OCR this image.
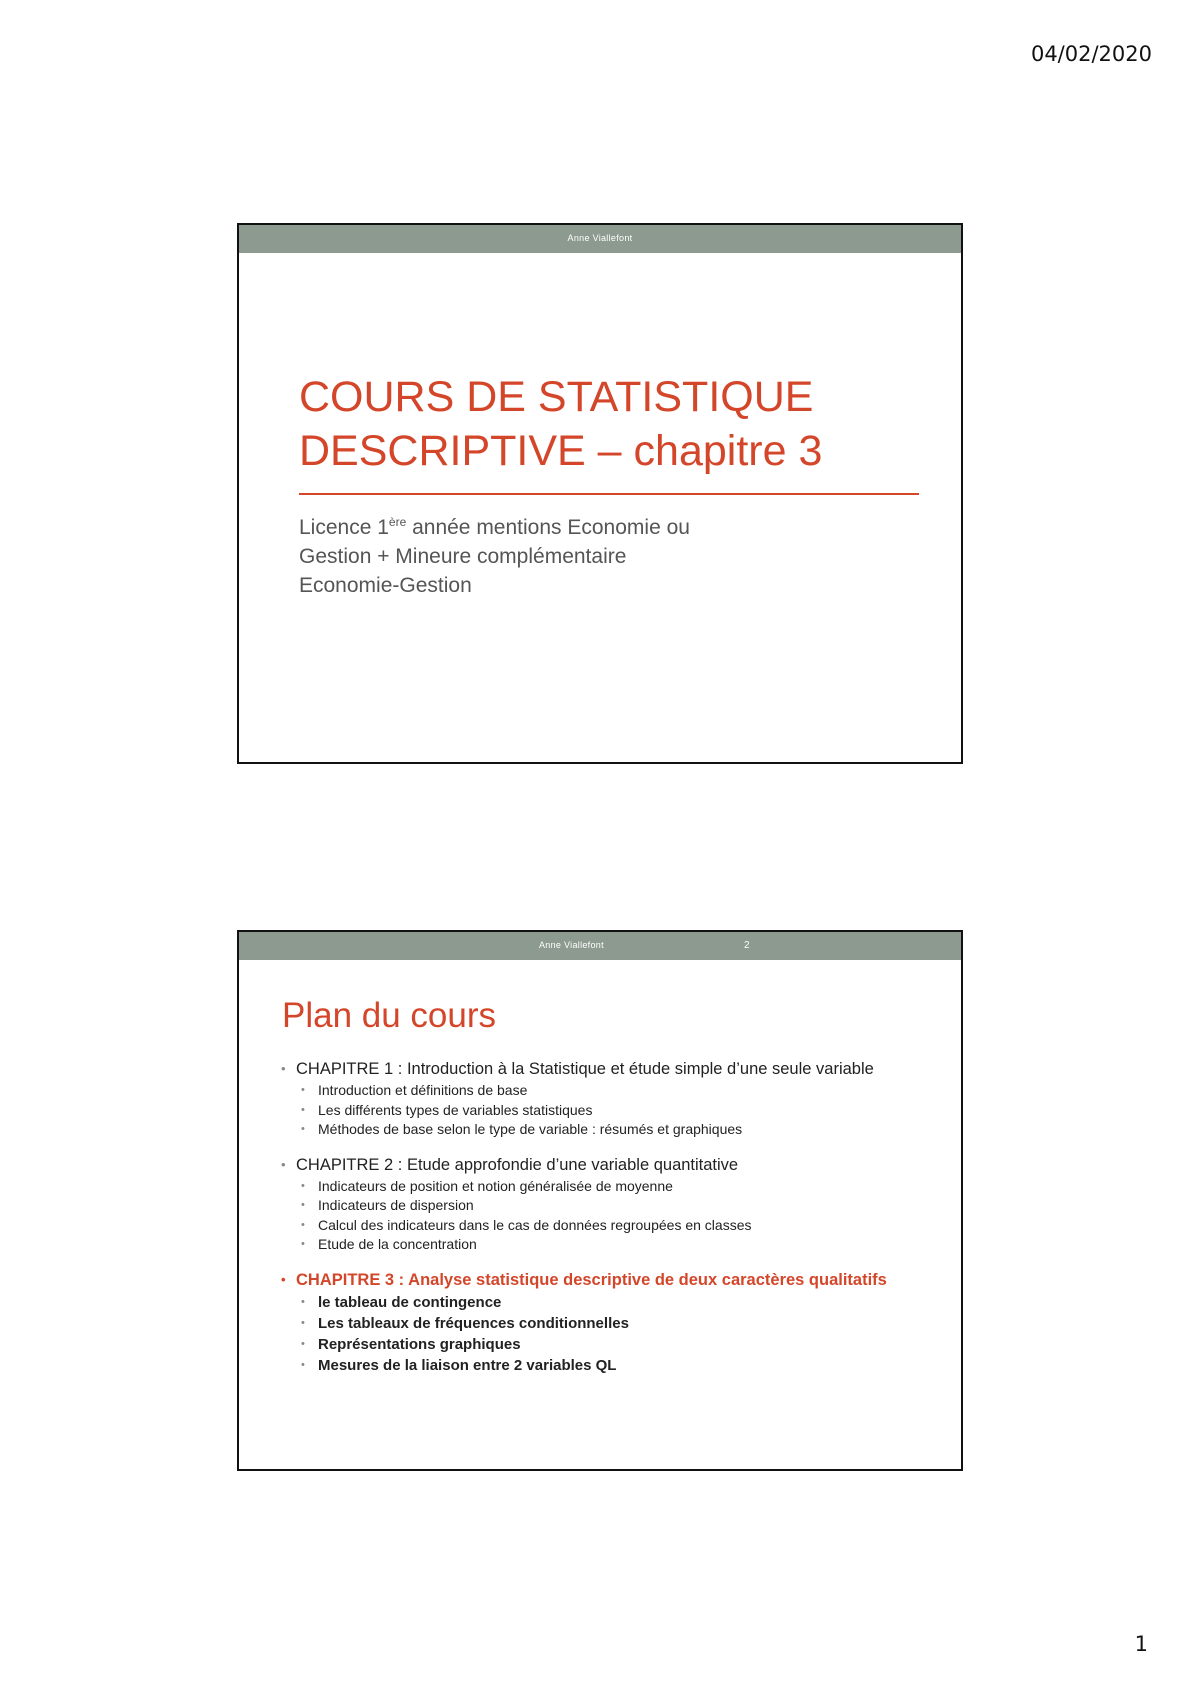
04/02/2020
Anne Viallefont
COURS DE STATISTIQUE
DESCRIPTIVE – chapitre 3
Licence 1ère année mentions Economie ou
Gestion + Mineure complémentaire
Economie-Gestion
Anne Viallefont	2
Plan du cours
• CHAPITRE 1 : Introduction à la Statistique et étude simple d’une seule variable
• Introduction et définitions de base
• Les différents types de variables statistiques
• Méthodes de base selon le type de variable : résumés et graphiques
• CHAPITRE 2 : Etude approfondie d’une variable quantitative
• Indicateurs de position et notion généralisée de moyenne
• Indicateurs de dispersion
• Calcul des indicateurs dans le cas de données regroupées en classes
• Etude de la concentration
• CHAPITRE 3 : Analyse statistique descriptive de deux caractères qualitatifs
• le tableau de contingence
• Les tableaux de fréquences conditionnelles
• Représentations graphiques
• Mesures de la liaison entre 2 variables QL
1
